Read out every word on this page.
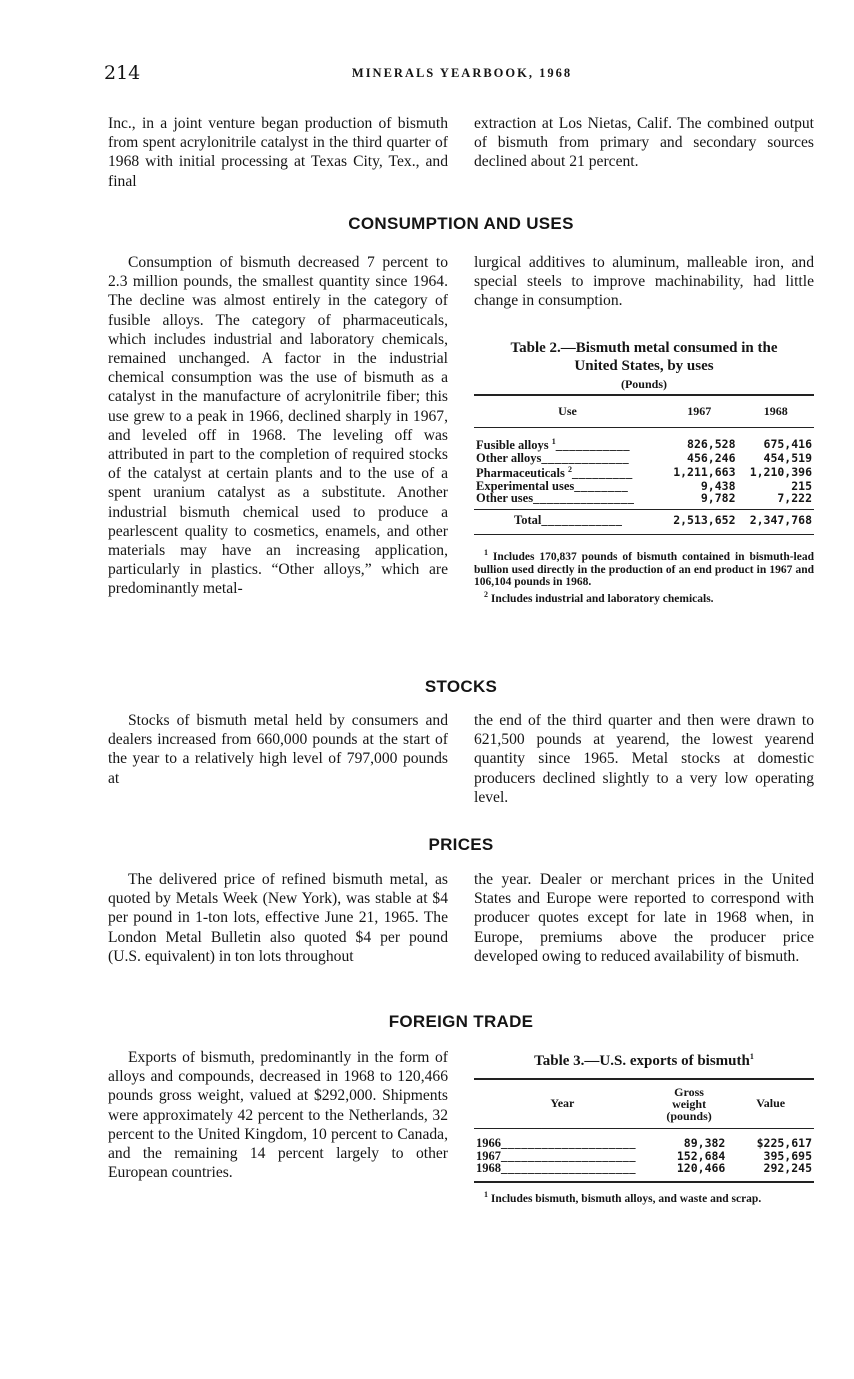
214	MINERALS YEARBOOK, 1968

Inc., in a joint venture began production of bismuth from spent acrylonitrile catalyst in the third quarter of 1968 with initial processing at Texas City, Tex., and final

extraction at Los Nietas, Calif. The combined output of bismuth from primary and secondary sources declined about 21 percent.

CONSUMPTION AND USES

Consumption of bismuth decreased 7 percent to 2.3 million pounds, the smallest quantity since 1964. The decline was almost entirely in the category of fusible alloys. The category of pharmaceuticals, which includes industrial and laboratory chemicals, remained unchanged. A factor in the industrial chemical consumption was the use of bismuth as a catalyst in the manufacture of acrylonitrile fiber; this use grew to a peak in 1966, declined sharply in 1967, and leveled off in 1968. The leveling off was attributed in part to the completion of required stocks of the catalyst at certain plants and to the use of a spent uranium catalyst as a substitute. Another industrial bismuth chemical used to produce a pearlescent quality to cosmetics, enamels, and other materials may have an increasing application, particularly in plastics. “Other alloys,” which are predominantly metal-

lurgical additives to aluminum, malleable iron, and special steels to improve machinability, had little change in consumption.

Table 2.—Bismuth metal consumed in the
United States, by uses

(Pounds)

Use	1967	1968
Fusible alloys $^1$___________	826,528	675,416
Other alloys_____________	456,246	454,519
Pharmaceuticals $^2$_________	1,211,663	1,210,396
Experimental uses________	9,438	215
Other uses_______________	9,782	7,222
Total____________	2,513,652	2,347,768

$^1$ Includes 170,837 pounds of bismuth contained in bismuth-lead bullion used directly in the production of an end product in 1967 and 106,104 pounds in 1968.

$^2$ Includes industrial and laboratory chemicals.

STOCKS

Stocks of bismuth metal held by consumers and dealers increased from 660,000 pounds at the start of the year to a relatively high level of 797,000 pounds at

the end of the third quarter and then were drawn to 621,500 pounds at yearend, the lowest yearend quantity since 1965. Metal stocks at domestic producers declined slightly to a very low operating level.

PRICES

The delivered price of refined bismuth metal, as quoted by Metals Week (New York), was stable at $4 per pound in 1-ton lots, effective June 21, 1965. The London Metal Bulletin also quoted $4 per pound (U.S. equivalent) in ton lots throughout

the year. Dealer or merchant prices in the United States and Europe were reported to correspond with producer quotes except for late in 1968 when, in Europe, premiums above the producer price developed owing to reduced availability of bismuth.

FOREIGN TRADE

Exports of bismuth, predominantly in the form of alloys and compounds, decreased in 1968 to 120,466 pounds gross weight, valued at $292,000. Shipments were approximately 42 percent to the Netherlands, 32 percent to the United Kingdom, 10 percent to Canada, and the remaining 14 percent largely to other European countries.

Table 3.—U.S. exports of bismuth$^1$

Year	Gross
weight
(pounds)	Value
1966____________________	89,382	$225,617
1967____________________	152,684	395,695
1968____________________	120,466	292,245

$^1$ Includes bismuth, bismuth alloys, and waste and scrap.
